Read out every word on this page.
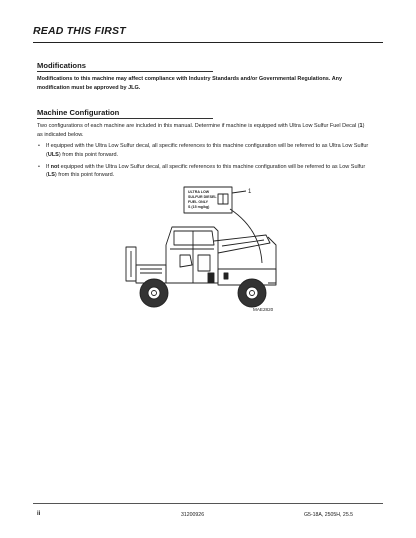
READ THIS FIRST
Modifications
Modifications to this machine may affect compliance with Industry Standards and/or Governmental Regulations. Any modification must be approved by JLG.
Machine Configuration
Two configurations of each machine are included in this manual. Determine if machine is equipped with Ultra Low Sulfur Fuel Decal (1) as indicated below.
• If equipped with the Ultra Low Sulfur decal, all specific references to this machine configuration will be referred to as Ultra Low Sulfur (ULS) from this point forward.
• If not equipped with the Ultra Low Sulfur decal, all specific references to this machine configuration will be referred to as Low Sulfur (LS) from this point forward.
ULTRA LOW
SULFUR DIESEL
FUEL ONLY
S (15 mg/kg)
1
MAE2820
ii	31200926	G5-18A, 2505H, 25.5
